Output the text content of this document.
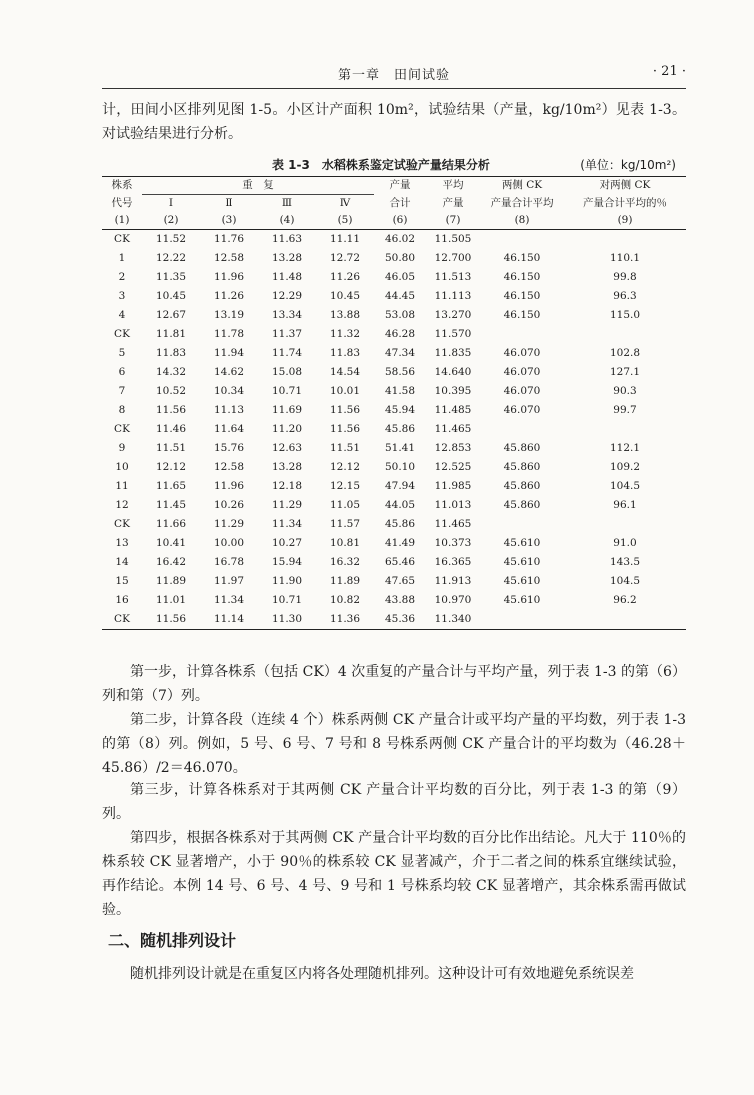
第一章　田间试验	· 21 ·
计，田间小区排列见图 1-5。小区计产面积 10m²，试验结果（产量，kg/10m²）见表 1-3。对试验结果进行分析。
表 1-3　水稻株系鉴定试验产量结果分析	(单位：kg/10m²)
株系	重　复				产量	平均	两侧 CK	对两侧 CK
代号	Ⅰ	Ⅱ	Ⅲ	Ⅳ	合计	产量	产量合计平均	产量合计平均的％
(1)	(2)	(3)	(4)	(5)	(6)	(7)	(8)	(9)
CK	11.52	11.76	11.63	11.11	46.02	11.505		
1	12.22	12.58	13.28	12.72	50.80	12.700	46.150	110.1
2	11.35	11.96	11.48	11.26	46.05	11.513	46.150	99.8
3	10.45	11.26	12.29	10.45	44.45	11.113	46.150	96.3
4	12.67	13.19	13.34	13.88	53.08	13.270	46.150	115.0
CK	11.81	11.78	11.37	11.32	46.28	11.570		
5	11.83	11.94	11.74	11.83	47.34	11.835	46.070	102.8
6	14.32	14.62	15.08	14.54	58.56	14.640	46.070	127.1
7	10.52	10.34	10.71	10.01	41.58	10.395	46.070	90.3
8	11.56	11.13	11.69	11.56	45.94	11.485	46.070	99.7
CK	11.46	11.64	11.20	11.56	45.86	11.465		
9	11.51	15.76	12.63	11.51	51.41	12.853	45.860	112.1
10	12.12	12.58	13.28	12.12	50.10	12.525	45.860	109.2
11	11.65	11.96	12.18	12.15	47.94	11.985	45.860	104.5
12	11.45	10.26	11.29	11.05	44.05	11.013	45.860	96.1
CK	11.66	11.29	11.34	11.57	45.86	11.465		
13	10.41	10.00	10.27	10.81	41.49	10.373	45.610	91.0
14	16.42	16.78	15.94	16.32	65.46	16.365	45.610	143.5
15	11.89	11.97	11.90	11.89	47.65	11.913	45.610	104.5
16	11.01	11.34	10.71	10.82	43.88	10.970	45.610	96.2
CK	11.56	11.14	11.30	11.36	45.36	11.340		
第一步，计算各株系（包括 CK）4 次重复的产量合计与平均产量，列于表 1-3 的第（6）列和第（7）列。
第二步，计算各段（连续 4 个）株系两侧 CK 产量合计或平均产量的平均数，列于表 1-3 的第（8）列。例如，5 号、6 号、7 号和 8 号株系两侧 CK 产量合计的平均数为（46.28＋45.86）/2＝46.070。
第三步，计算各株系对于其两侧 CK 产量合计平均数的百分比，列于表 1-3 的第（9）列。
第四步，根据各株系对于其两侧 CK 产量合计平均数的百分比作出结论。凡大于 110％的株系较 CK 显著增产，小于 90％的株系较 CK 显著减产，介于二者之间的株系宜继续试验，再作结论。本例 14 号、6 号、4 号、9 号和 1 号株系均较 CK 显著增产，其余株系需再做试验。
二、随机排列设计
随机排列设计就是在重复区内将各处理随机排列。这种设计可有效地避免系统误差
